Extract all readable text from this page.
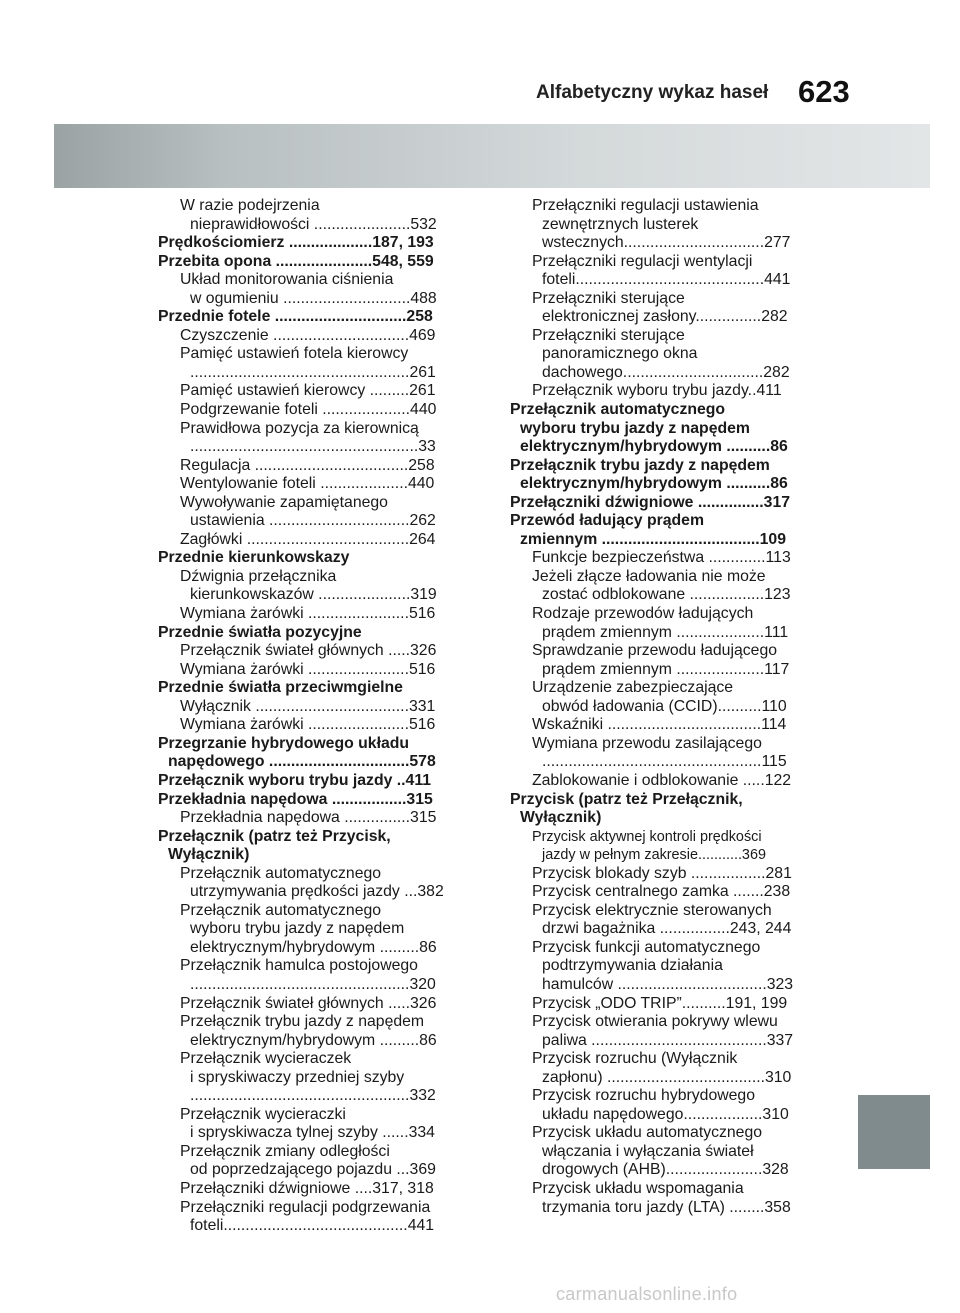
Alfabetyczny wykaz haseł 623
W razie podejrzenia
nieprawidłowości ......................532
Prędkościomierz ...................187, 193
Przebita opona ......................548, 559
Układ monitorowania ciśnienia
w ogumieniu .............................488
Przednie fotele ..............................258
Czyszczenie ...............................469
Pamięć ustawień fotela kierowcy
..................................................261
Pamięć ustawień kierowcy .........261
Podgrzewanie foteli ....................440
Prawidłowa pozycja za kierownicą
....................................................33
Regulacja ...................................258
Wentylowanie foteli ....................440
Wywoływanie zapamiętanego
ustawienia ................................262
Zagłówki .....................................264
Przednie kierunkowskazy
Dźwignia przełącznika
kierunkowskazów .....................319
Wymiana żarówki .......................516
Przednie światła pozycyjne
Przełącznik świateł głównych .....326
Wymiana żarówki .......................516
Przednie światła przeciwmgielne
Wyłącznik ...................................331
Wymiana żarówki .......................516
Przegrzanie hybrydowego układu
napędowego ................................578
Przełącznik wyboru trybu jazdy ..411
Przekładnia napędowa .................315
Przekładnia napędowa ...............315
Przełącznik (patrz też Przycisk,
Wyłącznik)
Przełącznik automatycznego
utrzymywania prędkości jazdy ...382
Przełącznik automatycznego
wyboru trybu jazdy z napędem
elektrycznym/hybrydowym .........86
Przełącznik hamulca postojowego
..................................................320
Przełącznik świateł głównych .....326
Przełącznik trybu jazdy z napędem
elektrycznym/hybrydowym .........86
Przełącznik wycieraczek
i spryskiwaczy przedniej szyby
..................................................332
Przełącznik wycieraczki
i spryskiwacza tylnej szyby ......334
Przełącznik zmiany odległości
od poprzedzającego pojazdu ...369
Przełączniki dźwigniowe ....317, 318
Przełączniki regulacji podgrzewania
foteli..........................................441
Przełączniki regulacji ustawienia
zewnętrznych lusterek
wstecznych................................277
Przełączniki regulacji wentylacji
foteli...........................................441
Przełączniki sterujące
elektronicznej zasłony...............282
Przełączniki sterujące
panoramicznego okna
dachowego................................282
Przełącznik wyboru trybu jazdy..411
Przełącznik automatycznego
wyboru trybu jazdy z napędem
elektrycznym/hybrydowym ..........86
Przełącznik trybu jazdy z napędem
elektrycznym/hybrydowym ..........86
Przełączniki dźwigniowe ...............317
Przewód ładujący prądem
zmiennym ....................................109
Funkcje bezpieczeństwa .............113
Jeżeli złącze ładowania nie może
zostać odblokowane .................123
Rodzaje przewodów ładujących
prądem zmiennym ....................111
Sprawdzanie przewodu ładującego
prądem zmiennym ....................117
Urządzenie zabezpieczające
obwód ładowania (CCID)..........110
Wskaźniki ...................................114
Wymiana przewodu zasilającego
..................................................115
Zablokowanie i odblokowanie .....122
Przycisk (patrz też Przełącznik,
Wyłącznik)
Przycisk aktywnej kontroli prędkości
jazdy w pełnym zakresie...........369
Przycisk blokady szyb .................281
Przycisk centralnego zamka .......238
Przycisk elektrycznie sterowanych
drzwi bagażnika ................243, 244
Przycisk funkcji automatycznego
podtrzymywania działania
hamulców ..................................323
Przycisk „ODO TRIP”..........191, 199
Przycisk otwierania pokrywy wlewu
paliwa ........................................337
Przycisk rozruchu (Wyłącznik
zapłonu) ....................................310
Przycisk rozruchu hybrydowego
układu napędowego..................310
Przycisk układu automatycznego
włączania i wyłączania świateł
drogowych (AHB)......................328
Przycisk układu wspomagania
trzymania toru jazdy (LTA) ........358
carmanualsonline.info
